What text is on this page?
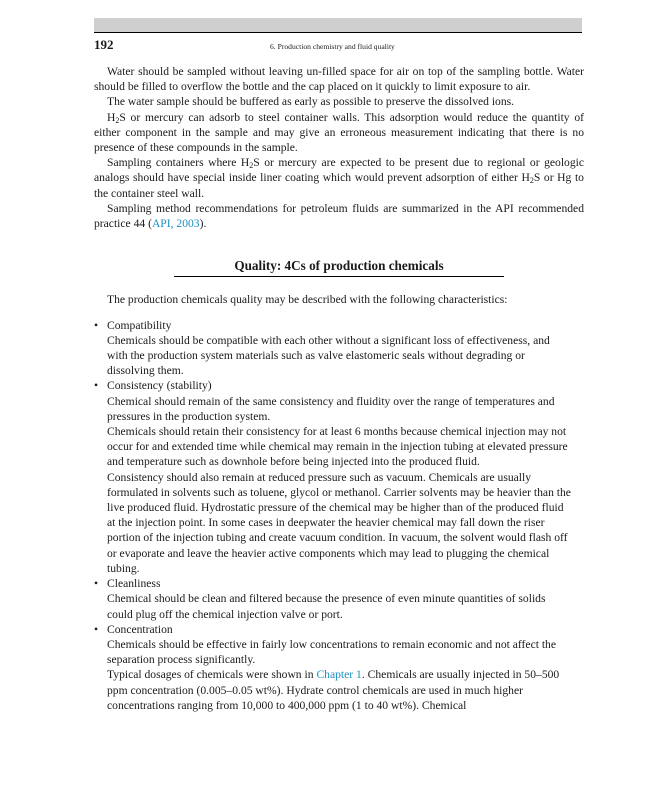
192	6. Production chemistry and fluid quality

Water should be sampled without leaving un-filled space for air on top of the sampling bottle. Water should be filled to overflow the bottle and the cap placed on it quickly to limit exposure to air.

The water sample should be buffered as early as possible to preserve the dissolved ions.

$H_2S$ or mercury can adsorb to steel container walls. This adsorption would reduce the quantity of either component in the sample and may give an erroneous measurement indicating that there is no presence of these compounds in the sample.

Sampling containers where $H_2S$ or mercury are expected to be present due to regional or geologic analogs should have special inside liner coating which would prevent adsorption of either $H_2S$ or Hg to the container steel wall.

Sampling method recommendations for petroleum fluids are summarized in the API recommended practice 44 (API, 2003).

Quality: 4Cs of production chemicals

The production chemicals quality may be described with the following characteristics:

• Compatibility
Chemicals should be compatible with each other without a significant loss of effectiveness, and with the production system materials such as valve elastomeric seals without degrading or dissolving them.
• Consistency (stability)
Chemical should remain of the same consistency and fluidity over the range of temperatures and pressures in the production system.
Chemicals should retain their consistency for at least 6 months because chemical injection may not occur for and extended time while chemical may remain in the injection tubing at elevated pressure and temperature such as downhole before being injected into the produced fluid.
Consistency should also remain at reduced pressure such as vacuum. Chemicals are usually formulated in solvents such as toluene, glycol or methanol. Carrier solvents may be heavier than the live produced fluid. Hydrostatic pressure of the chemical may be higher than of the produced fluid at the injection point. In some cases in deepwater the heavier chemical may fall down the riser portion of the injection tubing and create vacuum condition. In vacuum, the solvent would flash off or evaporate and leave the heavier active components which may lead to plugging the chemical tubing.
• Cleanliness
Chemical should be clean and filtered because the presence of even minute quantities of solids could plug off the chemical injection valve or port.
• Concentration
Chemicals should be effective in fairly low concentrations to remain economic and not affect the separation process significantly.
Typical dosages of chemicals were shown in Chapter 1. Chemicals are usually injected in 50–500 ppm concentration (0.005–0.05 wt%). Hydrate control chemicals are used in much higher concentrations ranging from 10,000 to 400,000 ppm (1 to 40 wt%). Chemical
